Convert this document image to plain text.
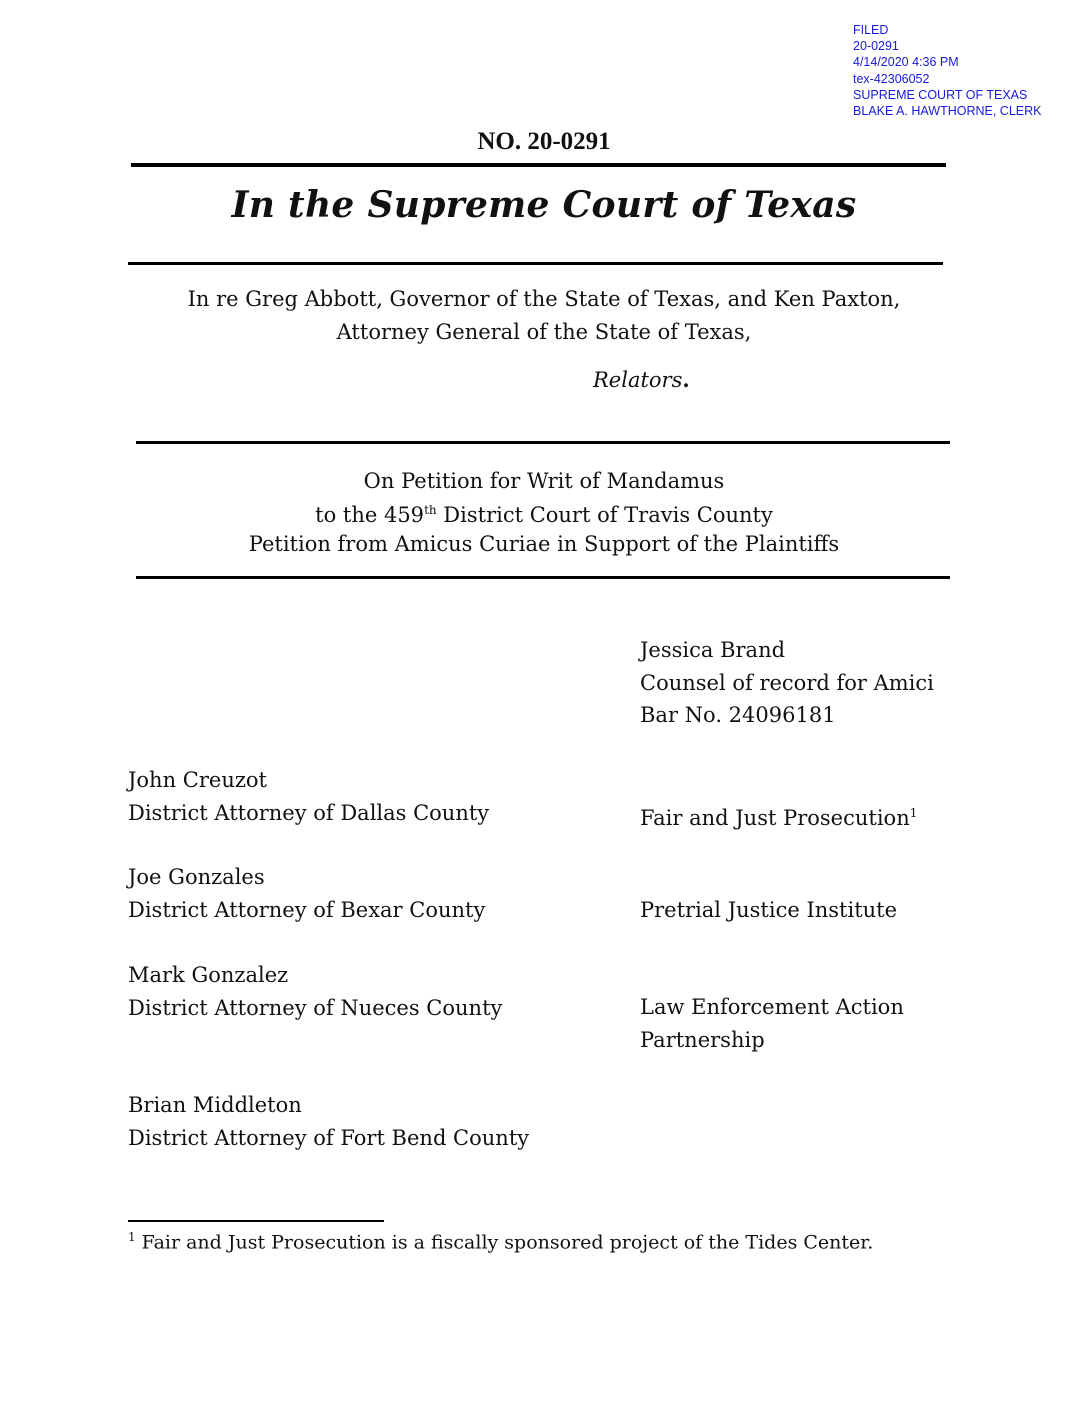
FILED
20-0291
4/14/2020 4:36 PM
tex-42306052
SUPREME COURT OF TEXAS
BLAKE A. HAWTHORNE, CLERK
NO. 20-0291
In the Supreme Court of Texas
In re Greg Abbott, Governor of the State of Texas, and Ken Paxton,
Attorney General of the State of Texas,
Relators.
On Petition for Writ of Mandamus
to the 459th District Court of Travis County
Petition from Amicus Curiae in Support of the Plaintiffs
Jessica Brand
Counsel of record for Amici
Bar No. 24096181
John Creuzot
District Attorney of Dallas County
Joe Gonzales
District Attorney of Bexar County
Mark Gonzalez
District Attorney of Nueces County
Brian Middleton
District Attorney of Fort Bend County
Fair and Just Prosecution$^1$
Pretrial Justice Institute
Law Enforcement Action
Partnership
$^1$ Fair and Just Prosecution is a fiscally sponsored project of the Tides Center.
